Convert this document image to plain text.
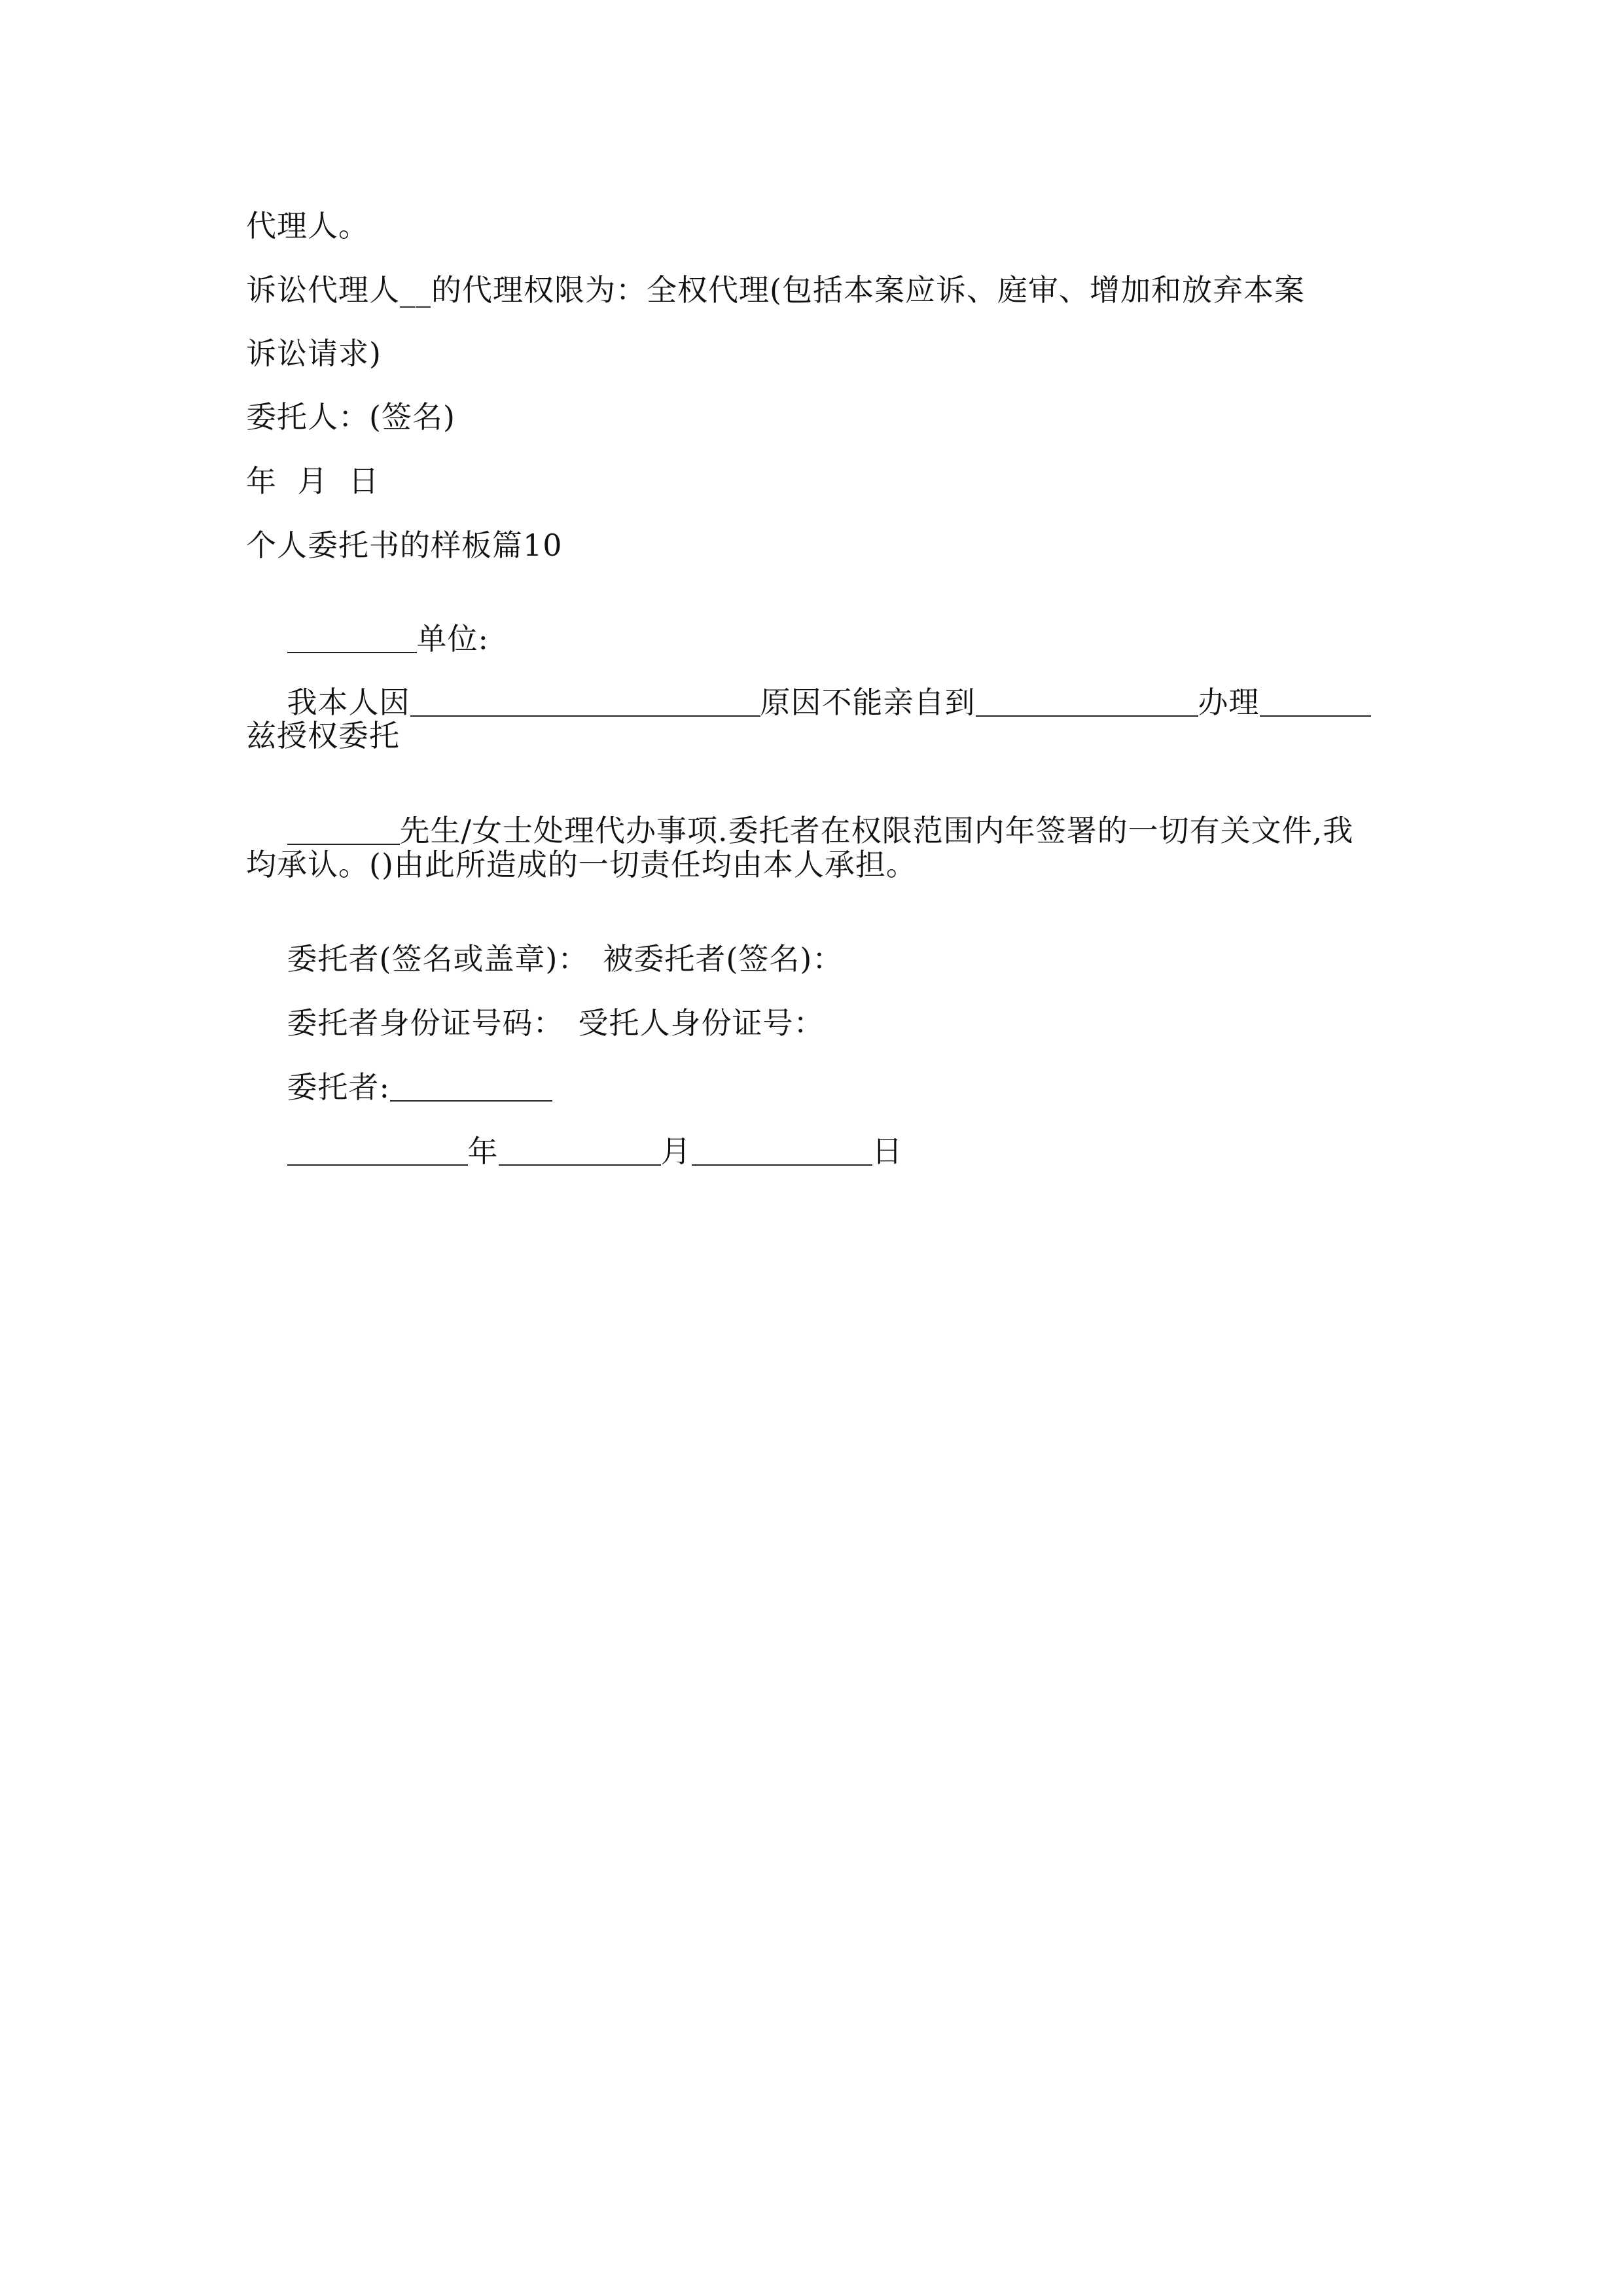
代理人。
诉讼代理人__的代理权限为：全权代理(包括本案应诉、庭审、增加和放弃本案
诉讼请求)
委托人：(签名)
年  月  日
个人委托书的样板篇10

单位:

我本人因	原因不能亲自到	办理

兹授权委托

先生/女士处理代办事项.委托者在权限范围内年签署的一切有关文件,我

均承认。()由此所造成的一切责任均由本人承担。

委托者(签名或盖章)： 被委托者(签名)：

委托者身份证号码： 受托人身份证号：

委托者:

年	月	日
